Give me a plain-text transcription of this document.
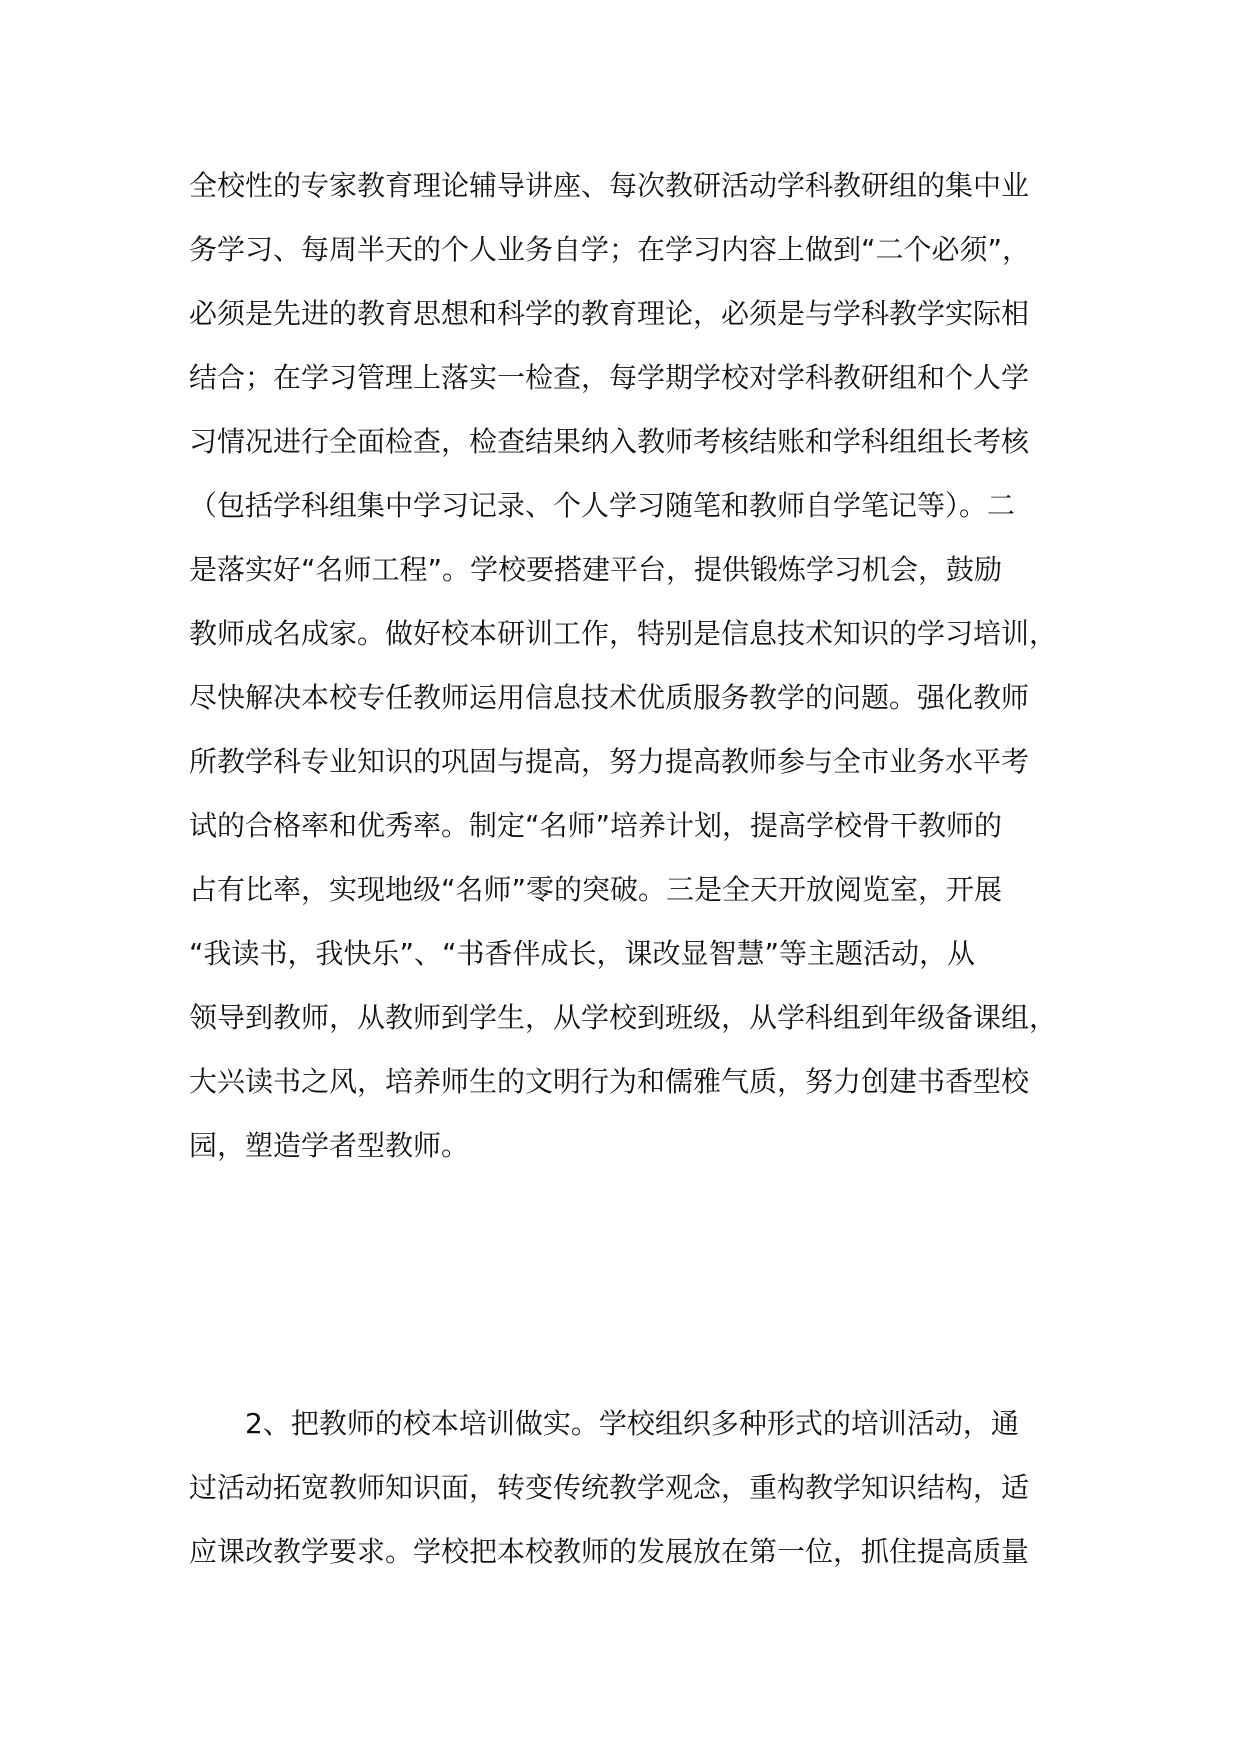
全校性的专家教育理论辅导讲座、每次教研活动学科教研组的集中业
务学习、每周半天的个人业务自学；在学习内容上做到“二个必须”，
必须是先进的教育思想和科学的教育理论，必须是与学科教学实际相
结合；在学习管理上落实一检查，每学期学校对学科教研组和个人学
习情况进行全面检查，检查结果纳入教师考核结账和学科组组长考核
（包括学科组集中学习记录、个人学习随笔和教师自学笔记等）。二
是落实好“名师工程”。学校要搭建平台，提供锻炼学习机会，鼓励
教师成名成家。做好校本研训工作，特别是信息技术知识的学习培训，
尽快解决本校专任教师运用信息技术优质服务教学的问题。强化教师
所教学科专业知识的巩固与提高，努力提高教师参与全市业务水平考
试的合格率和优秀率。制定“名师”培养计划，提高学校骨干教师的
占有比率，实现地级“名师”零的突破。三是全天开放阅览室，开展
“我读书，我快乐”、“书香伴成长，课改显智慧”等主题活动，从
领导到教师，从教师到学生，从学校到班级，从学科组到年级备课组，
大兴读书之风，培养师生的文明行为和儒雅气质，努力创建书香型校
园，塑造学者型教师。
2、把教师的校本培训做实。学校组织多种形式的培训活动，通
过活动拓宽教师知识面，转变传统教学观念，重构教学知识结构，适
应课改教学要求。学校把本校教师的发展放在第一位，抓住提高质量
